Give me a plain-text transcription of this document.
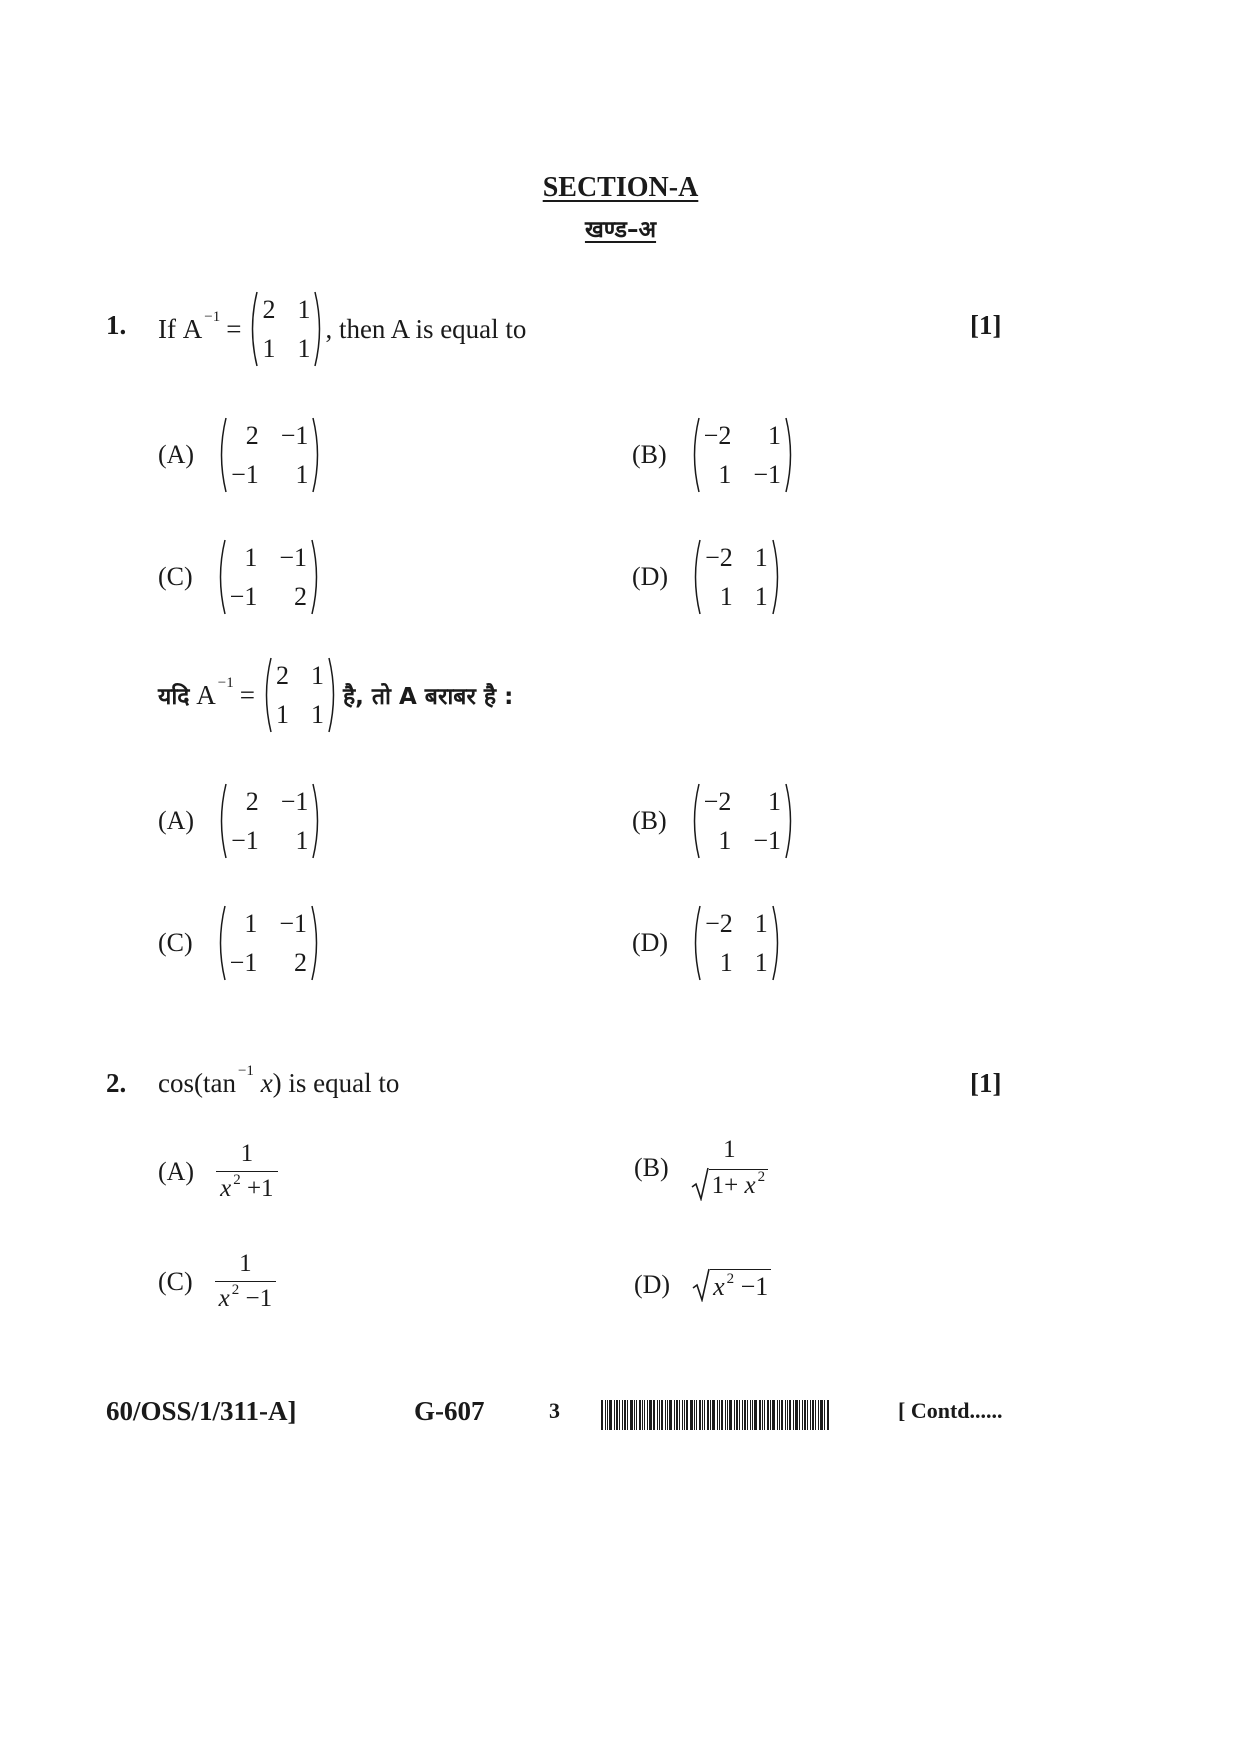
SECTION-A
खण्ड–अ
1.	[1]
If
A −1 =
2 1
1 1
, then A is equal to
(A)
2 −1
−1 1
(B)
−2 1
1 −1
(C)
1 −1
−1 2
(D)
−2 1
1 1
यदि
A −1 =
2 1
1 1
है, तो A बराबर है :
(A)
2 −1
−1 1
(B)
−2 1
1 −1
(C)
1 −1
−1 2
(D)
−2 1
1 1
2.	[1]
cos(tan −1
x ) is equal to
$(A) \frac{1}{x ^2 +1}$	(B)
1
1+ x $^2$
$(C) \frac{1}{x ^2 -1}$	(D) x $^2$ −1
60/OSS/1/311-A]	G-607	3	[ Contd......
